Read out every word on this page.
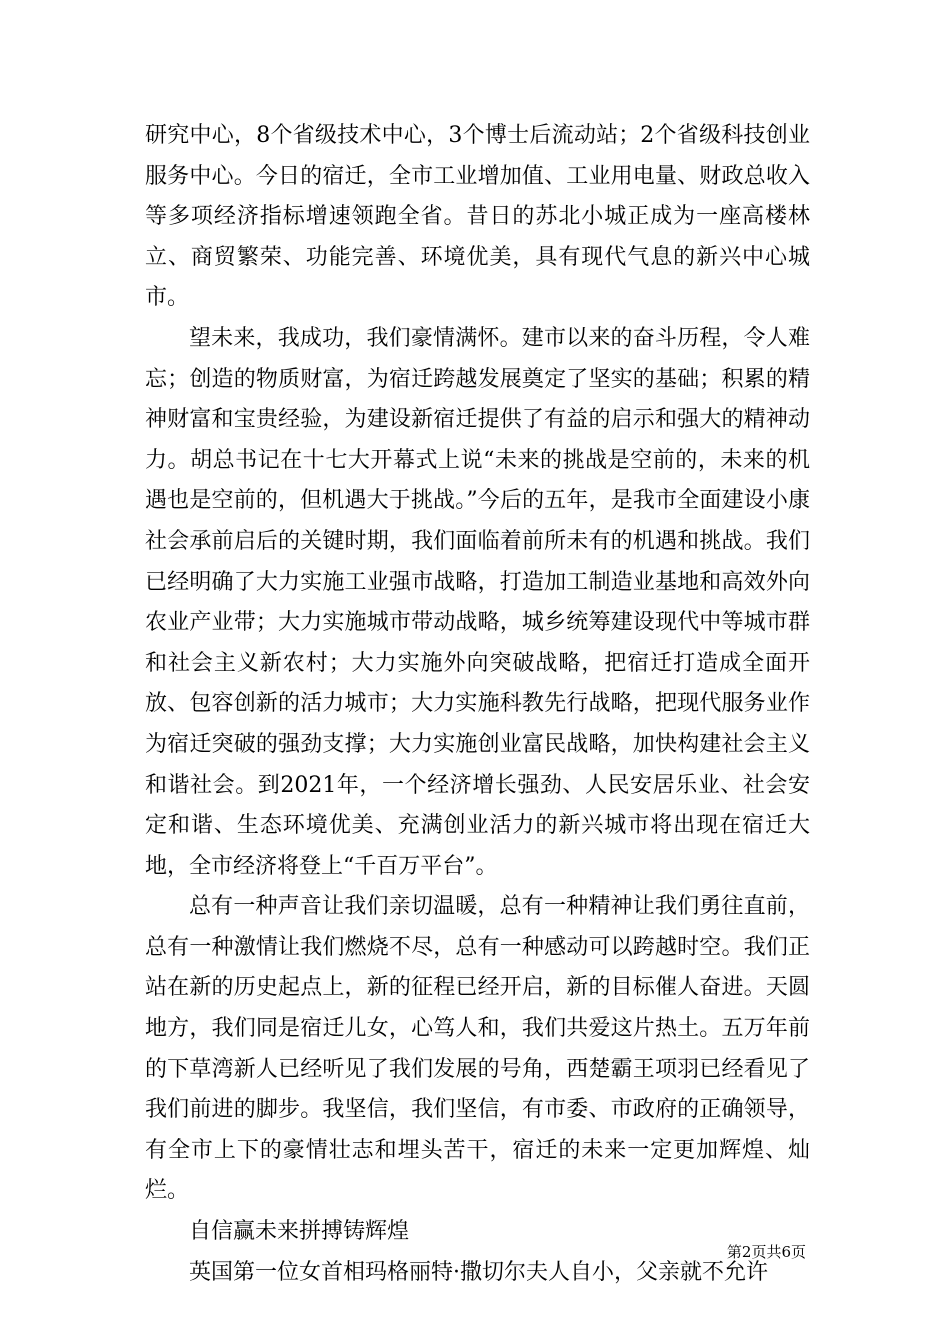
研究中心，8个省级技术中心，3个博士后流动站；2个省级科技创业服务中心。今日的宿迁，全市工业增加值、工业用电量、财政总收入等多项经济指标增速领跑全省。昔日的苏北小城正成为一座高楼林立、商贸繁荣、功能完善、环境优美，具有现代气息的新兴中心城市。

望未来，我成功，我们豪情满怀。建市以来的奋斗历程，令人难忘；创造的物质财富，为宿迁跨越发展奠定了坚实的基础；积累的精神财富和宝贵经验，为建设新宿迁提供了有益的启示和强大的精神动力。胡总书记在十七大开幕式上说“未来的挑战是空前的，未来的机遇也是空前的，但机遇大于挑战。”今后的五年，是我市全面建设小康社会承前启后的关键时期，我们面临着前所未有的机遇和挑战。我们已经明确了大力实施工业强市战略，打造加工制造业基地和高效外向农业产业带；大力实施城市带动战略，城乡统筹建设现代中等城市群和社会主义新农村；大力实施外向突破战略，把宿迁打造成全面开放、包容创新的活力城市；大力实施科教先行战略，把现代服务业作为宿迁突破的强劲支撑；大力实施创业富民战略，加快构建社会主义和谐社会。到2021年，一个经济增长强劲、人民安居乐业、社会安定和谐、生态环境优美、充满创业活力的新兴城市将出现在宿迁大地，全市经济将登上“千百万平台”。

总有一种声音让我们亲切温暖，总有一种精神让我们勇往直前，总有一种激情让我们燃烧不尽，总有一种感动可以跨越时空。我们正站在新的历史起点上，新的征程已经开启，新的目标催人奋进。天圆地方，我们同是宿迁儿女，心笃人和，我们共爱这片热土。五万年前的下草湾新人已经听见了我们发展的号角，西楚霸王项羽已经看见了我们前进的脚步。我坚信，我们坚信，有市委、市政府的正确领导，有全市上下的豪情壮志和埋头苦干，宿迁的未来一定更加辉煌、灿烂。

自信赢未来拼搏铸辉煌

英国第一位女首相玛格丽特·撒切尔夫人自小，父亲就不允许

第2页共6页
